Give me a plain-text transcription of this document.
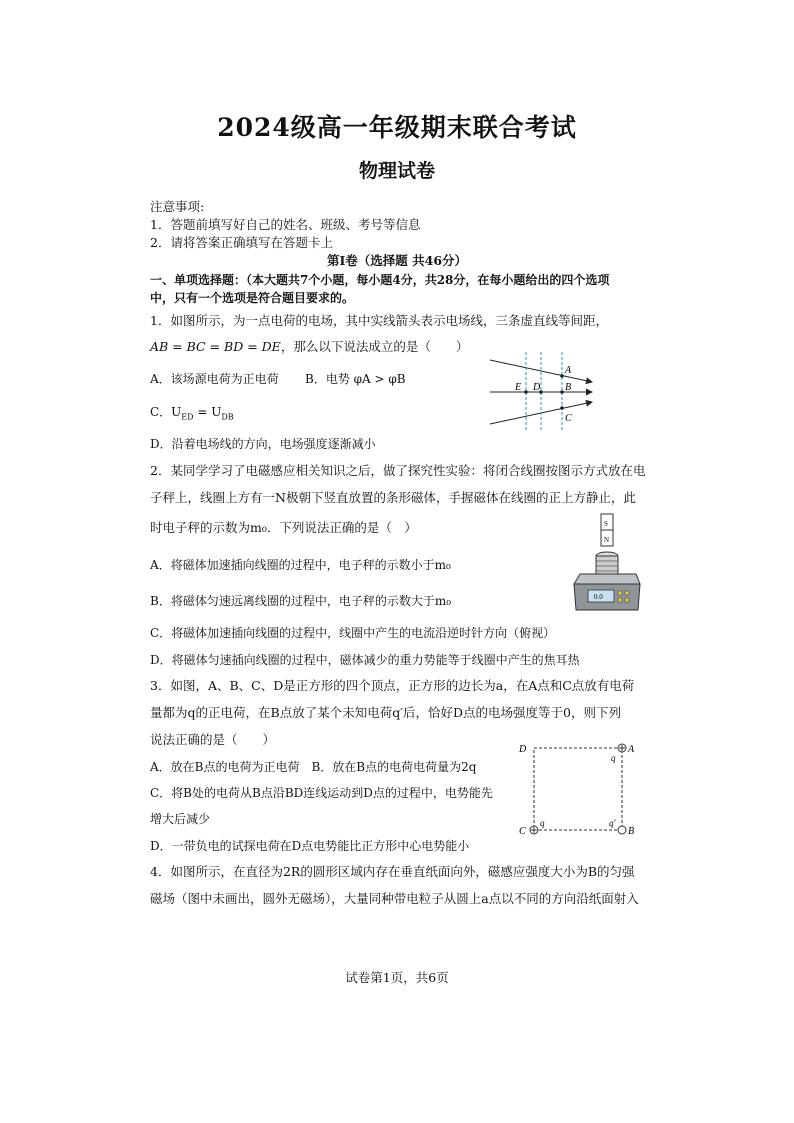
2024级高一年级期末联合考试
物理试卷
注意事项:
1．答题前填写好自己的姓名、班级、考号等信息
2．请将答案正确填写在答题卡上
第Ⅰ卷（选择题 共46分）
一、单项选择题：（本大题共7个小题，每小题4分，共28分，在每小题给出的四个选项
中，只有一个选项是符合题目要求的。
1．如图所示，为一点电荷的电场，其中实线箭头表示电场线，三条虚直线等间距，
AB = BC = BD = DE，那么以下说法成立的是（　　）
A．该场源电荷为正电荷 B．电势 φA > φB
C．$U_{ED} = U_{DB}$
D．沿着电场线的方向，电场强度逐渐减小
A
B
C
D
E
2．某同学学习了电磁感应相关知识之后，做了探究性实验：将闭合线圈按图示方式放在电
子秤上，线圈上方有一N极朝下竖直放置的条形磁体，手握磁体在线圈的正上方静止，此
时电子秤的示数为m₀．下列说法正确的是（　）
A．将磁体加速插向线圈的过程中，电子秤的示数小于m₀
B．将磁体匀速远离线圈的过程中，电子秤的示数大于m₀
C．将磁体加速插向线圈的过程中，线圈中产生的电流沿逆时针方向（俯视）
D．将磁体匀速插向线圈的过程中，磁体减少的重力势能等于线圈中产生的焦耳热
S
N
0.0
3．如图，A、B、C、D是正方形的四个顶点，正方形的边长为a，在A点和C点放有电荷
量都为q的正电荷，在B点放了某个未知电荷q′后，恰好D点的电场强度等于0，则下列
说法正确的是（　　）
A．放在B点的电荷为正电荷　B．放在B点的电荷电荷量为2q
C．将B处的电荷从B点沿BD连线运动到D点的过程中，电势能先
增大后减少
D．一带负电的试探电荷在D点电势能比正方形中心电势能小
D	A
C	B
q
q	q′
4．如图所示，在直径为2R的圆形区域内存在垂直纸面向外，磁感应强度大小为B的匀强
磁场（图中未画出，圆外无磁场），大量同种带电粒子从圆上a点以不同的方向沿纸面射入
试卷第1页，共6页
